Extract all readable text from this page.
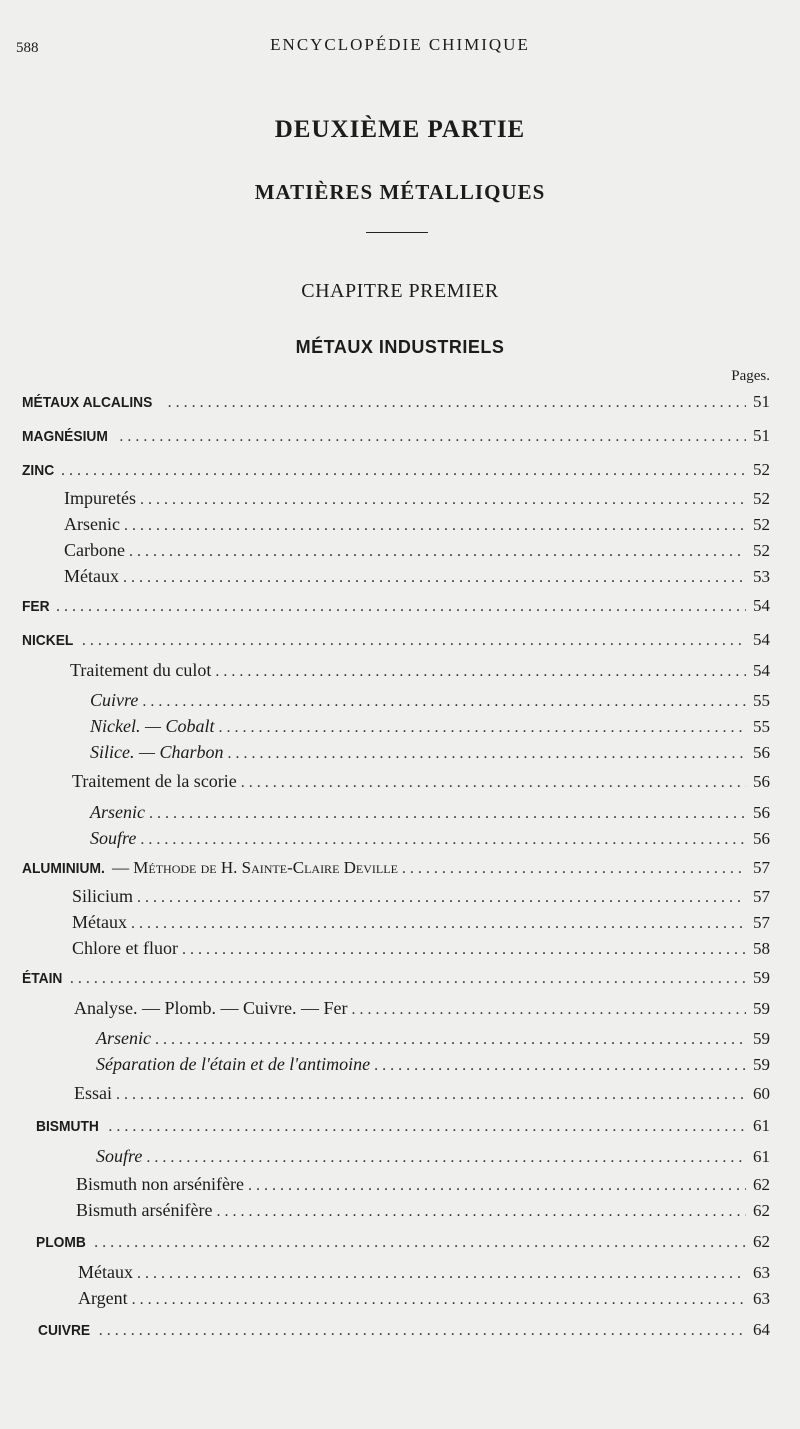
588	ENCYCLOPÉDIE CHIMIQUE
DEUXIÈME PARTIE
MATIÈRES MÉTALLIQUES
CHAPITRE PREMIER
MÉTAUX INDUSTRIELS
Pages.
MÉTAUX ALCALINS .....	51
MAGNÉSIUM .....	51
ZINC .....	52
Impuretés .....	52
Arsenic .....	52
Carbone .....	52
Métaux .....	53
FER .....	54
NICKEL .....	54
Traitement du culot .....	54
Cuivre .....	55
Nickel. — Cobalt .....	55
Silice. — Charbon .....	56
Traitement de la scorie .....	56
Arsenic .....	56
Soufre .....	56
ALUMINIUM. — Méthode de H. Sainte-Claire Deville .....	57
Silicium .....	57
Métaux .....	57
Chlore et fluor .....	58
ÉTAIN .....	59
Analyse. — Plomb. — Cuivre. — Fer .....	59
Arsenic .....	59
Séparation de l'étain et de l'antimoine .....	59
Essai .....	60
BISMUTH .....	61
Soufre .....	61
Bismuth non arsénifère .....	62
Bismuth arsénifère .....	62
PLOMB .....	62
Métaux .....	63
Argent .....	63
CUIVRE .....	64
